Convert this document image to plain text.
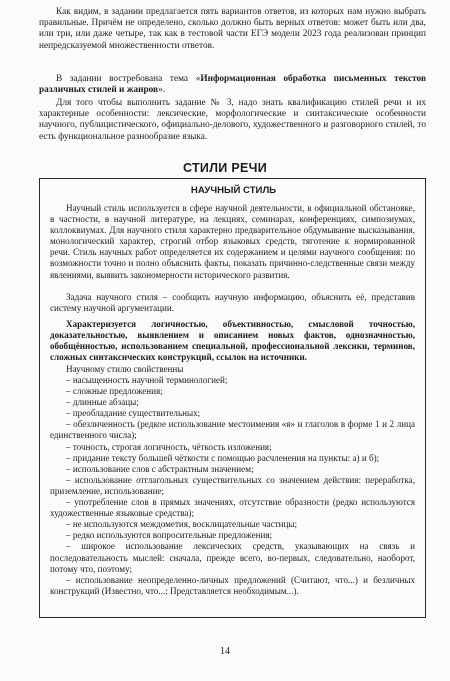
Как видим, в задании предлагается пять вариантов ответов, из которых нам нужно выбрать правильные. Причём не определено, сколько должно быть верных ответов: может быть или два, или три, или даже четыре, так как в тестовой части ЕГЭ модели 2023 года реализован принцип непредсказуемой множественности ответов.

В задании востребована тема «Информационная обработка письменных текстов различных стилей и жанров».

Для того чтобы выполнить задание № 3, надо знать квалификацию стилей речи и их характерные особенности: лексические, морфологические и синтаксические особенности научного, публицистического, официально-делового, художественного и разговорного стилей, то есть функциональное разнообразие языка.

СТИЛИ РЕЧИ
НАУЧНЫЙ СТИЛЬ

Научный стиль используется в сфере научной деятельности, в официальной обстановке, в частности, в научной литературе, на лекциях, семинарах, конференциях, симпозиумах, коллоквиумах. Для научного стиля характерно предварительное обдумывание высказывания, монологический характер, строгий отбор языковых средств, тяготение к нормированной речи. Стиль научных работ определяется их содержанием и целями научного сообщения: по возможности точно и полно объяснить факты, показать причинно-следственные связи между явлениями, выявить закономерности исторического развития.

Задача научного стиля – сообщить научную информацию, объяснить её, представив систему научной аргументации.

Характеризуется логичностью, объективностью, смысловой точностью, доказательностью, выявлением и описанием новых фактов, однозначностью, обобщённостью, использованием специальной, профессиональной лексики, терминов, сложных синтаксических конструкций, ссылок на источники.

Научному стилю свойственны

– насыщенность научной терминологией;
– сложные предложения;
– длинные абзацы;
– преобладание существительных;
– обезличенность (редкое использование местоимения «я» и глаголов в форме 1 и 2 лица единственного числа);
– точность, строгая логичность, чёткость изложения;
– придание тексту большей чёткости с помощью расчленения на пункты: а) и б);
– использование слов с абстрактным значением;
– использование отглагольных существительных со значением действия: переработка, приземление, использование;
– употребление слов в прямых значениях, отсутствие образности (редко используются художественные языковые средства);
– не используются междометия, восклицательные частицы;
– редко используются вопросительные предложения;
– широкое использование лексических средств, указывающих на связь и последовательность мыслей: сначала, прежде всего, во-первых, следовательно, наоборот, потому что, поэтому;
– использование неопределенно-личных предложений (Считают, что...) и безличных конструкций (Известно, что...; Представляется необходимым...).
14
